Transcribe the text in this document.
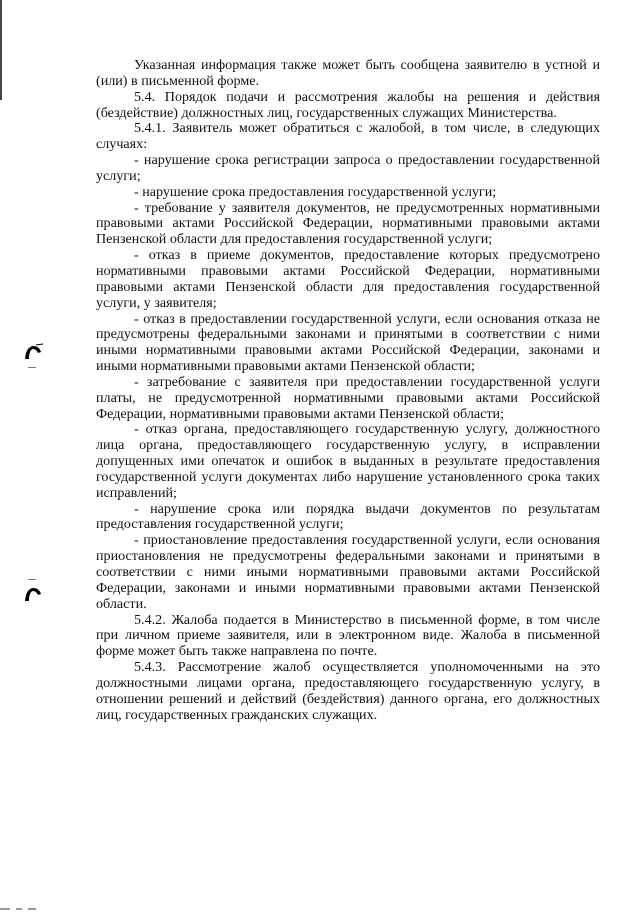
Указанная информация также может быть сообщена заявителю в устной и (или) в письменной форме.

5.4. Порядок подачи и рассмотрения жалобы на решения и действия (бездействие) должностных лиц, государственных служащих Министерства.

5.4.1. Заявитель может обратиться с жалобой, в том числе, в следующих случаях:

- нарушение срока регистрации запроса о предоставлении государственной услуги;

- нарушение срока предоставления государственной услуги;

- требование у заявителя документов, не предусмотренных нормативными правовыми актами Российской Федерации, нормативными правовыми актами Пензенской области для предоставления государственной услуги;

- отказ в приеме документов, предоставление которых предусмотрено нормативными правовыми актами Российской Федерации, нормативными правовыми актами Пензенской области для предоставления государственной услуги, у заявителя;

- отказ в предоставлении государственной услуги, если основания отказа не предусмотрены федеральными законами и принятыми в соответствии с ними иными нормативными правовыми актами Российской Федерации, законами и иными нормативными правовыми актами Пензенской области;

- затребование с заявителя при предоставлении государственной услуги платы, не предусмотренной нормативными правовыми актами Российской Федерации, нормативными правовыми актами Пензенской области;

- отказ органа, предоставляющего государственную услугу, должностного лица органа, предоставляющего государственную услугу, в исправлении допущенных ими опечаток и ошибок в выданных в результате предоставления государственной услуги документах либо нарушение установленного срока таких исправлений;

- нарушение срока или порядка выдачи документов по результатам предоставления государственной услуги;

- приостановление предоставления государственной услуги, если основания приостановления не предусмотрены федеральными законами и принятыми в соответствии с ними иными нормативными правовыми актами Российской Федерации, законами и иными нормативными правовыми актами Пензенской области.

5.4.2. Жалоба подается в Министерство в письменной форме, в том числе при личном приеме заявителя, или в электронном виде. Жалоба в письменной форме может быть также направлена по почте.

5.4.3. Рассмотрение жалоб осуществляется уполномоченными на это должностными лицами органа, предоставляющего государственную услугу, в отношении решений и действий (бездействия) данного органа, его должностных лиц, государственных гражданских служащих.
